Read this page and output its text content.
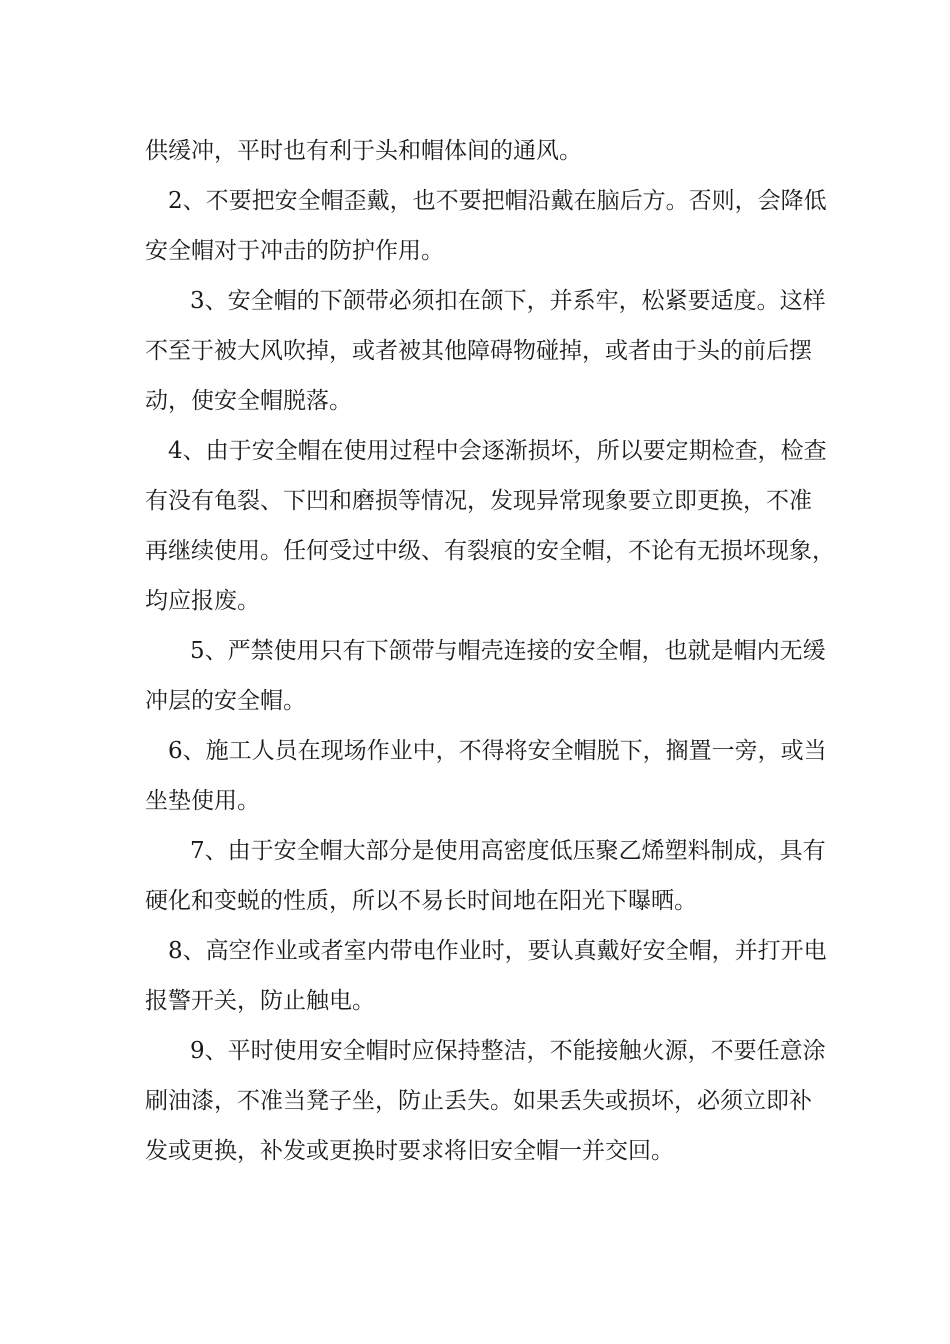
供缓冲，平时也有利于头和帽体间的通风。
2、不要把安全帽歪戴，也不要把帽沿戴在脑后方。否则，会降低
安全帽对于冲击的防护作用。
3、安全帽的下颌带必须扣在颌下，并系牢，松紧要适度。这样
不至于被大风吹掉，或者被其他障碍物碰掉，或者由于头的前后摆
动，使安全帽脱落。
4、由于安全帽在使用过程中会逐渐损坏，所以要定期检查，检查
有没有龟裂、下凹和磨损等情况，发现异常现象要立即更换，不准
再继续使用。任何受过中级、有裂痕的安全帽，不论有无损坏现象，
均应报废。
5、严禁使用只有下颌带与帽壳连接的安全帽，也就是帽内无缓
冲层的安全帽。
6、施工人员在现场作业中，不得将安全帽脱下，搁置一旁，或当
坐垫使用。
7、由于安全帽大部分是使用高密度低压聚乙烯塑料制成，具有
硬化和变蜕的性质，所以不易长时间地在阳光下曝晒。
8、高空作业或者室内带电作业时，要认真戴好安全帽，并打开电
报警开关，防止触电。
9、平时使用安全帽时应保持整洁，不能接触火源，不要任意涂
刷油漆，不准当凳子坐，防止丢失。如果丢失或损坏，必须立即补
发或更换，补发或更换时要求将旧安全帽一并交回。
